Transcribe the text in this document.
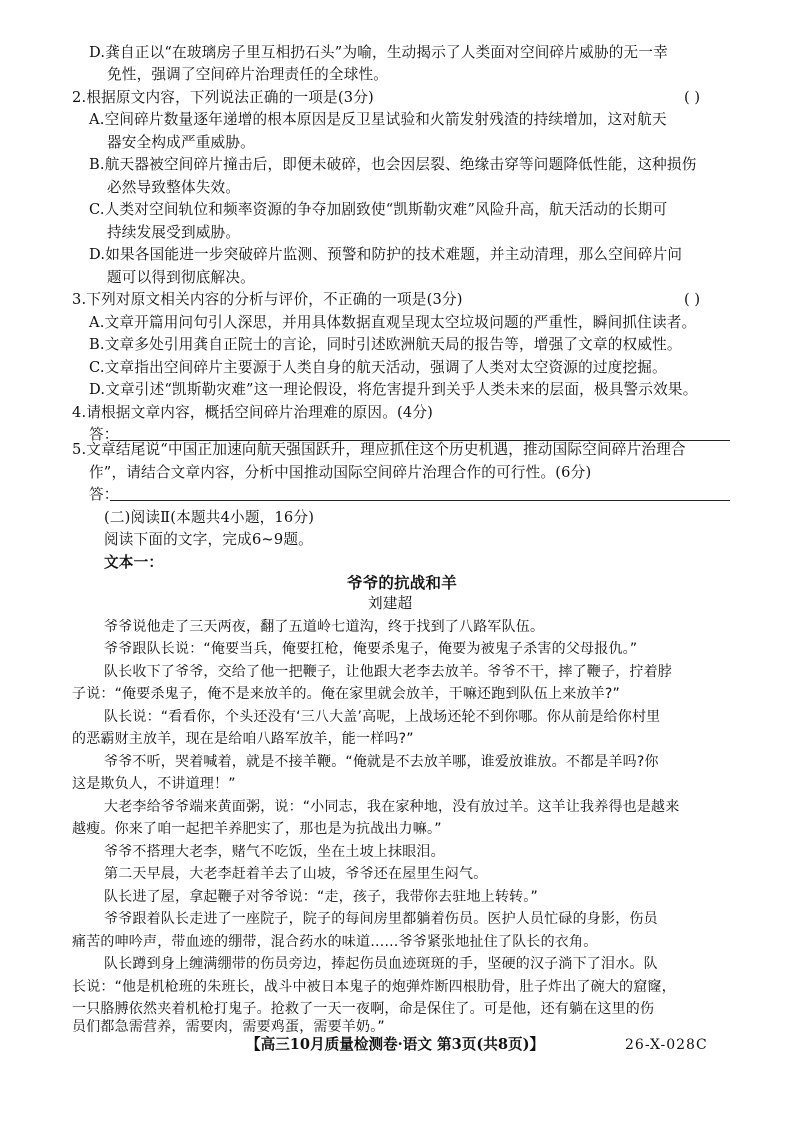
D.龚自正以“在玻璃房子里互相扔石头”为喻，生动揭示了人类面对空间碎片威胁的无一幸
免性，强调了空间碎片治理责任的全球性。
2.根据原文内容，下列说法正确的一项是(3分)	( )
A.空间碎片数量逐年递增的根本原因是反卫星试验和火箭发射残渣的持续增加，这对航天
器安全构成严重威胁。
B.航天器被空间碎片撞击后，即便未破碎，也会因层裂、绝缘击穿等问题降低性能，这种损伤
必然导致整体失效。
C.人类对空间轨位和频率资源的争夺加剧致使“凯斯勒灾难”风险升高，航天活动的长期可
持续发展受到威胁。
D.如果各国能进一步突破碎片监测、预警和防护的技术难题，并主动清理，那么空间碎片问
题可以得到彻底解决。
3.下列对原文相关内容的分析与评价，不正确的一项是(3分)	( )
A.文章开篇用问句引人深思，并用具体数据直观呈现太空垃圾问题的严重性，瞬间抓住读者。
B.文章多处引用龚自正院士的言论，同时引述欧洲航天局的报告等，增强了文章的权威性。
C.文章指出空间碎片主要源于人类自身的航天活动，强调了人类对太空资源的过度挖掘。
D.文章引述“凯斯勒灾难”这一理论假设，将危害提升到关乎人类未来的层面，极具警示效果。
4.请根据文章内容，概括空间碎片治理难的原因。(4分)
答：
5.文章结尾说“中国正加速向航天强国跃升，理应抓住这个历史机遇，推动国际空间碎片治理合
作”，请结合文章内容，分析中国推动国际空间碎片治理合作的可行性。(6分)
答：
(二)阅读Ⅱ(本题共4小题，16分)
阅读下面的文字，完成6~9题。
文本一：
爷爷的抗战和羊
刘建超
爷爷说他走了三天两夜，翻了五道岭七道沟，终于找到了八路军队伍。
爷爷跟队长说：“俺要当兵，俺要扛枪，俺要杀鬼子，俺要为被鬼子杀害的父母报仇。”
队长收下了爷爷，交给了他一把鞭子，让他跟大老李去放羊。爷爷不干，摔了鞭子，拧着脖
子说：“俺要杀鬼子，俺不是来放羊的。俺在家里就会放羊，干嘛还跑到队伍上来放羊?”
队长说：“看看你，个头还没有‘三八大盖’高呢，上战场还轮不到你哪。你从前是给你村里
的恶霸财主放羊，现在是给咱八路军放羊，能一样吗?”
爷爷不听，哭着喊着，就是不接羊鞭。“俺就是不去放羊哪，谁爱放谁放。不都是羊吗?你
这是欺负人，不讲道理！”
大老李给爷爷端来黄面粥，说：“小同志，我在家种地，没有放过羊。这羊让我养得也是越来
越瘦。你来了咱一起把羊养肥实了，那也是为抗战出力嘛。”
爷爷不搭理大老李，赌气不吃饭，坐在土坡上抹眼泪。
第二天早晨，大老李赶着羊去了山坡，爷爷还在屋里生闷气。
队长进了屋，拿起鞭子对爷爷说：“走，孩子，我带你去驻地上转转。”
爷爷跟着队长走进了一座院子，院子的每间房里都躺着伤员。医护人员忙碌的身影，伤员
痛苦的呻吟声，带血迹的绷带，混合药水的味道……爷爷紧张地扯住了队长的衣角。
队长蹲到身上缠满绷带的伤员旁边，捧起伤员血迹斑斑的手，坚硬的汉子淌下了泪水。队
长说：“他是机枪班的朱班长，战斗中被日本鬼子的炮弹炸断四根肋骨，肚子炸出了碗大的窟窿，
一只胳膊依然夹着机枪打鬼子。抢救了一天一夜啊，命是保住了。可是他，还有躺在这里的伤
员们都急需营养，需要肉，需要鸡蛋，需要羊奶。”
【高三10月质量检测卷·语文 第3页(共8页)】	26-X-028C
